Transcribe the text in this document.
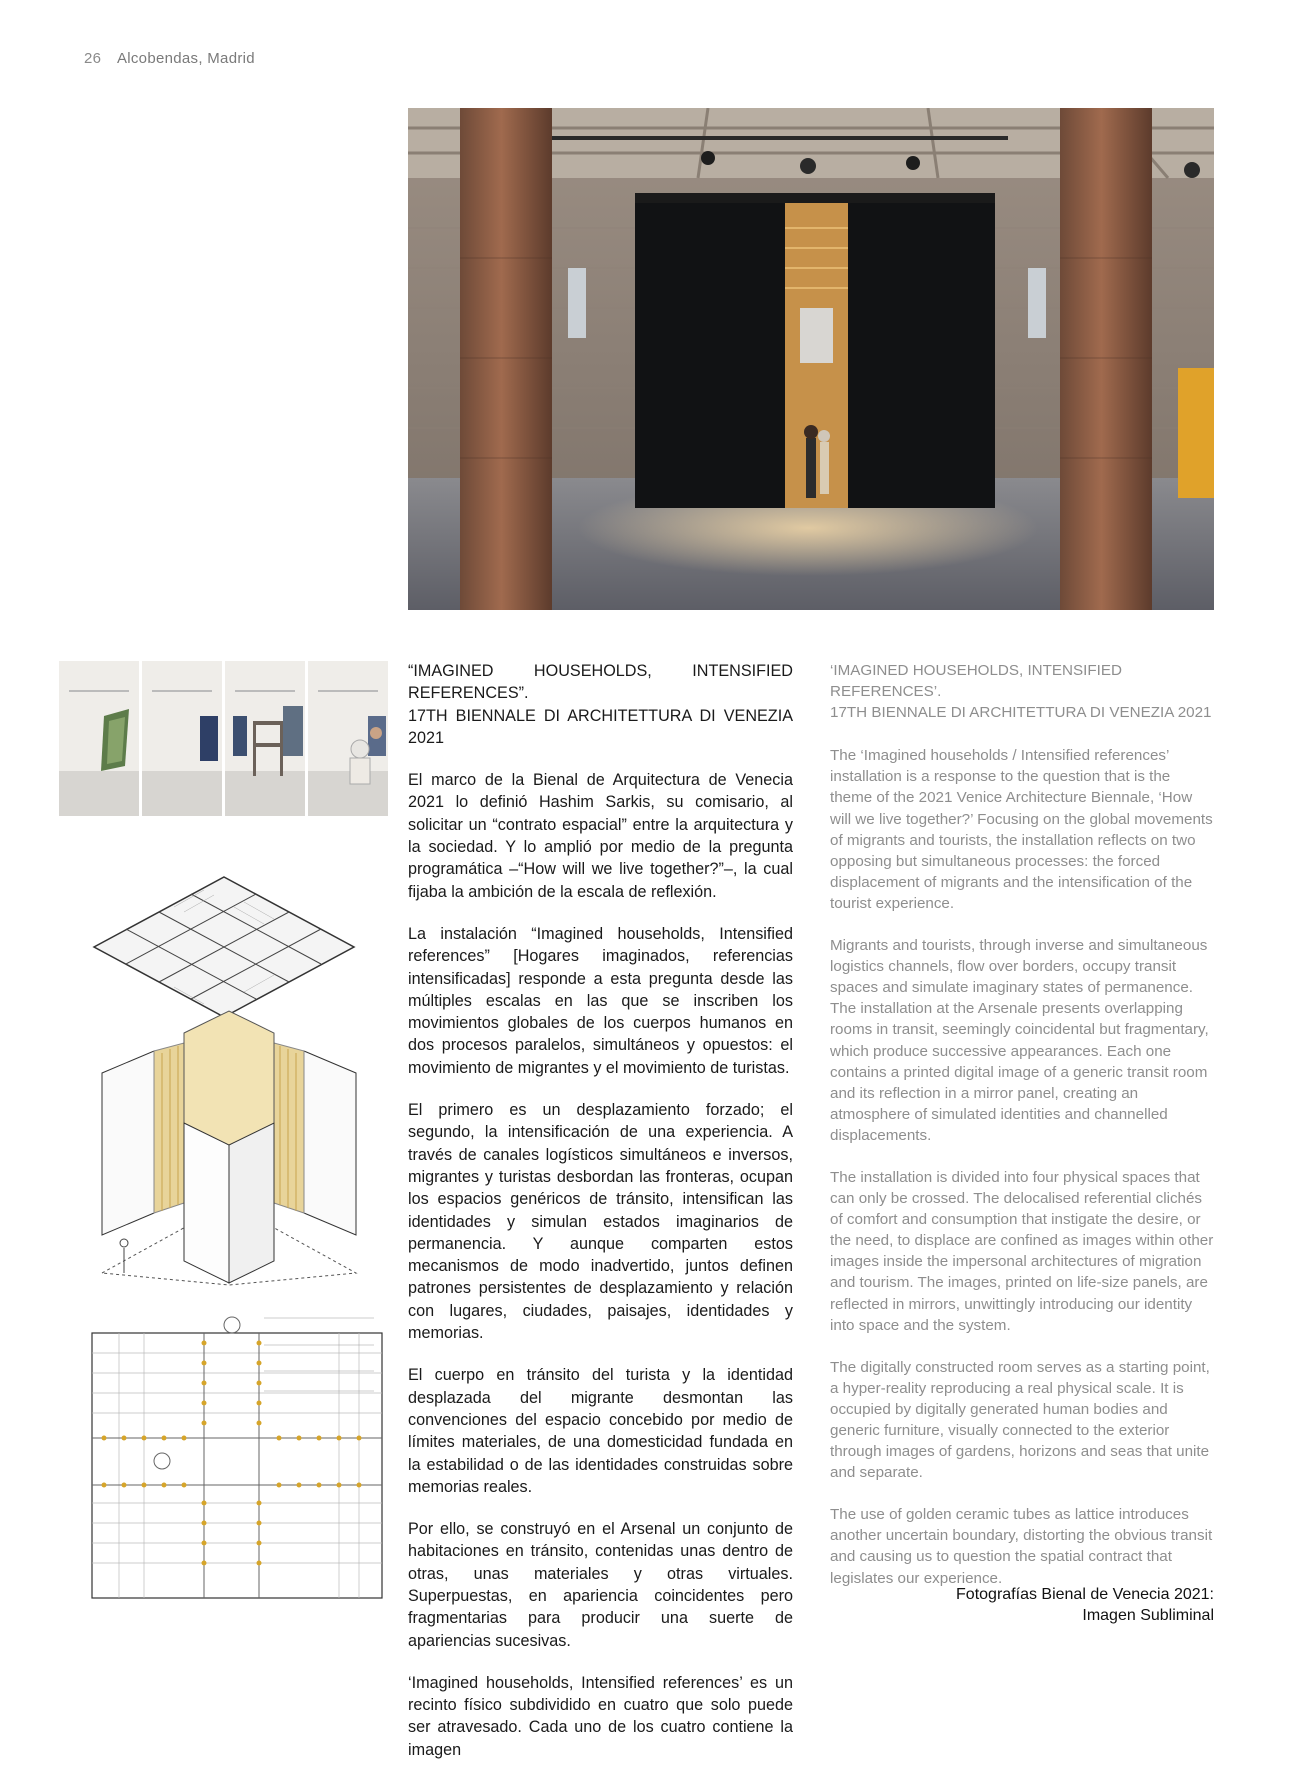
26 Alcobendas, Madrid
“IMAGINED HOUSEHOLDS, INTENSIFIED REFERENCES”.
17TH BIENNALE DI ARCHITETTURA DI VENEZIA 2021

El marco de la Bienal de Arquitectura de Venecia 2021 lo definió Hashim Sarkis, su comisario, al solicitar un “contrato espacial” entre la arquitectura y la sociedad. Y lo amplió por medio de la pregunta programática –“How will we live together?”–, la cual fijaba la ambición de la escala de reflexión.

La instalación “Imagined households, Intensified references” [Hogares imaginados, referencias intensificadas] responde a esta pregunta desde las múltiples escalas en las que se inscriben los movimientos globales de los cuerpos humanos en dos procesos paralelos, simultáneos y opuestos: el movimiento de migrantes y el movimiento de turistas.

El primero es un desplazamiento forzado; el segundo, la intensificación de una experiencia. A través de canales logísticos simultáneos e inversos, migrantes y turistas desbordan las fronteras, ocupan los espacios genéricos de tránsito, intensifican las identidades y simulan estados imaginarios de permanencia. Y aunque comparten estos mecanismos de modo inadvertido, juntos definen patrones persistentes de desplazamiento y relación con lugares, ciudades, paisajes, identidades y memorias.

El cuerpo en tránsito del turista y la identidad desplazada del migrante desmontan las convenciones del espacio concebido por medio de límites materiales, de una domesticidad fundada en la estabilidad o de las identidades construidas sobre memorias reales.

Por ello, se construyó en el Arsenal un conjunto de habitaciones en tránsito, contenidas unas dentro de otras, unas materiales y otras virtuales. Superpuestas, en apariencia coincidentes pero fragmentarias para producir una suerte de apariencias sucesivas.

‘Imagined households, Intensified references’ es un recinto físico subdividido en cuatro que solo puede ser atravesado. Cada uno de los cuatro contiene la imagen

‘IMAGINED HOUSEHOLDS, INTENSIFIED REFERENCES’.
17TH BIENNALE DI ARCHITETTURA DI VENEZIA 2021

The ‘Imagined households / Intensified references’ installation is a response to the question that is the theme of the 2021 Venice Architecture Biennale, ‘How will we live together?’ Focusing on the global movements of migrants and tourists, the installation reflects on two opposing but simultaneous processes: the forced displacement of migrants and the intensification of the tourist experience.

Migrants and tourists, through inverse and simultaneous logistics channels, flow over borders, occupy transit spaces and simulate imaginary states of permanence. The installation at the Arsenale presents overlapping rooms in transit, seemingly coincidental but fragmentary, which produce successive appearances. Each one contains a printed digital image of a generic transit room and its reflection in a mirror panel, creating an atmosphere of simulated identities and channelled displacements.

The installation is divided into four physical spaces that can only be crossed. The delocalised referential clichés of comfort and consumption that instigate the desire, or the need, to displace are confined as images within other images inside the impersonal architectures of migration and tourism. The images, printed on life-size panels, are reflected in mirrors, unwittingly introducing our identity into space and the system.

The digitally constructed room serves as a starting point, a hyper-reality reproducing a real physical scale. It is occupied by digitally generated human bodies and generic furniture, visually connected to the exterior through images of gardens, horizons and seas that unite and separate.

The use of golden ceramic tubes as lattice introduces another uncertain boundary, distorting the obvious transit and causing us to question the spatial contract that legislates our experience.

Fotografías Bienal de Venecia 2021:
Imagen Subliminal
